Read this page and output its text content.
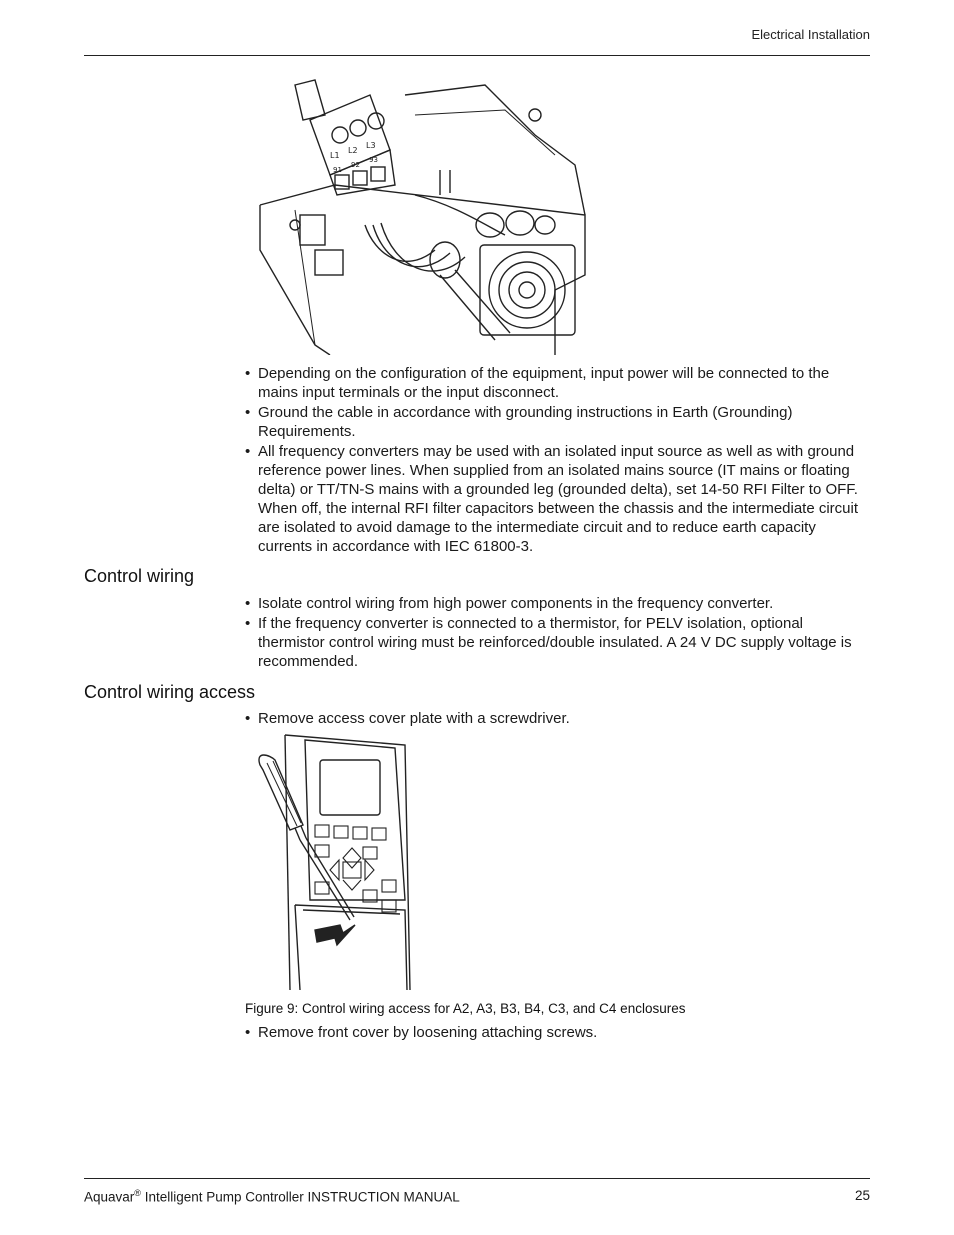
Electrical Installation
L1
L2
L3
91
92
93
• Depending on the configuration of the equipment, input power will be connected to the mains input terminals or the input disconnect.
• Ground the cable in accordance with grounding instructions in Earth (Grounding) Requirements.
• All frequency converters may be used with an isolated input source as well as with ground reference power lines. When supplied from an isolated mains source (IT mains or floating delta) or TT/TN-S mains with a grounded leg (grounded delta), set 14-50 RFI Filter to OFF. When off, the internal RFI filter capacitors between the chassis and the intermediate circuit are isolated to avoid damage to the intermediate circuit and to reduce earth capacity currents in accordance with IEC 61800-3.
Control wiring
• Isolate control wiring from high power components in the frequency converter.
• If the frequency converter is connected to a thermistor, for PELV isolation, optional thermistor control wiring must be reinforced/double insulated. A 24 V DC supply voltage is recommended.
Control wiring access
• Remove access cover plate with a screwdriver.
Figure 9: Control wiring access for A2, A3, B3, B4, C3, and C4 enclosures
• Remove front cover by loosening attaching screws.
Aquavar® Intelligent Pump Controller INSTRUCTION MANUAL	25
